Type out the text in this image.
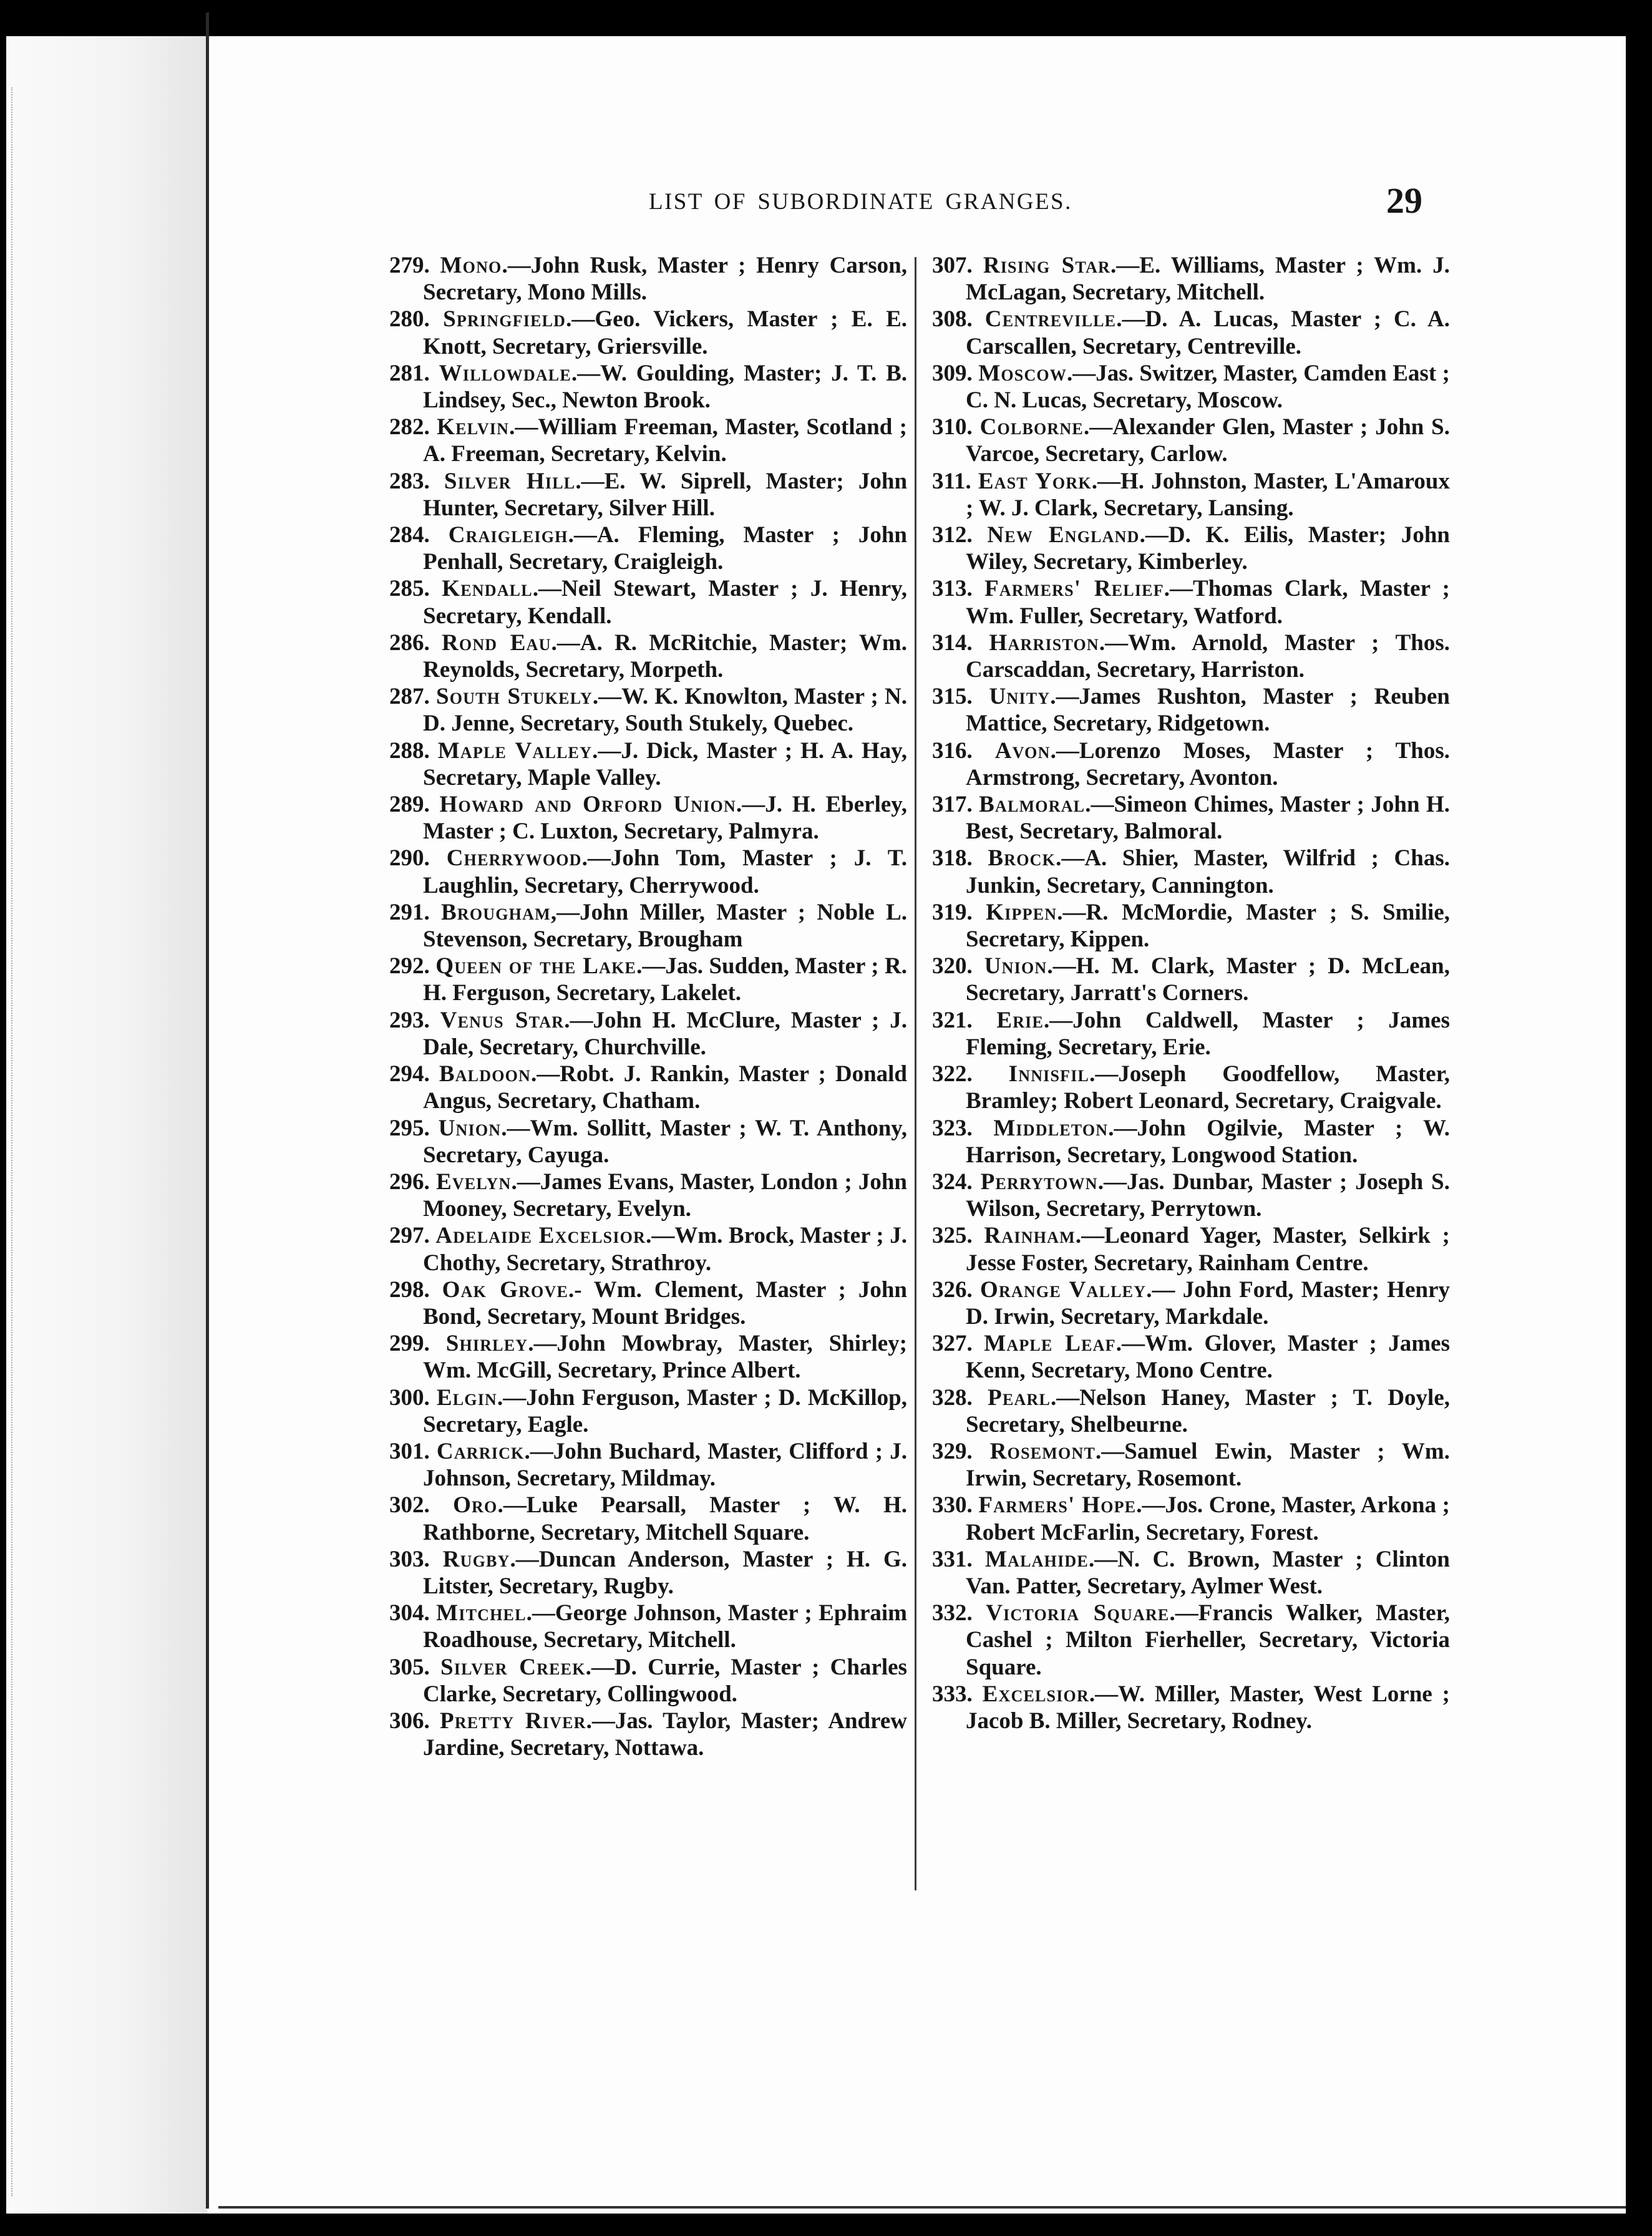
LIST OF SUBORDINATE GRANGES.	29

279. Mono.—John Rusk, Master ; Henry Carson, Secretary, Mono Mills.

280. Springfield.—Geo. Vickers, Master ; E. E. Knott, Secretary, Griersville.

281. Willowdale.—W. Goulding, Master; J. T. B. Lindsey, Sec., Newton Brook.

282. Kelvin.—William Freeman, Master, Scotland ; A. Freeman, Secretary, Kelvin.

283. Silver Hill.—E. W. Siprell, Master; John Hunter, Secretary, Silver Hill.

284. Craigleigh.—A. Fleming, Master ; John Penhall, Secretary, Craigleigh.

285. Kendall.—Neil Stewart, Master ; J. Henry, Secretary, Kendall.

286. Rond Eau.—A. R. McRitchie, Master; Wm. Reynolds, Secretary, Morpeth.

287. South Stukely.—W. K. Knowlton, Master ; N. D. Jenne, Secretary, South Stukely, Quebec.

288. Maple Valley.—J. Dick, Master ; H. A. Hay, Secretary, Maple Valley.

289. Howard and Orford Union.—J. H. Eberley, Master ; C. Luxton, Secretary, Palmyra.

290. Cherrywood.—John Tom, Master ; J. T. Laughlin, Secretary, Cherrywood.

291. Brougham,—John Miller, Master ; Noble L. Stevenson, Secretary, Brougham

292. Queen of the Lake.—Jas. Sudden, Master ; R. H. Ferguson, Secretary, Lakelet.

293. Venus Star.—John H. McClure, Master ; J. Dale, Secretary, Churchville.

294. Baldoon.—Robt. J. Rankin, Master ; Donald Angus, Secretary, Chatham.

295. Union.—Wm. Sollitt, Master ; W. T. Anthony, Secretary, Cayuga.

296. Evelyn.—James Evans, Master, London ; John Mooney, Secretary, Evelyn.

297. Adelaide Excelsior.—Wm. Brock, Master ; J. Chothy, Secretary, Strathroy.

298. Oak Grove.- Wm. Clement, Master ; John Bond, Secretary, Mount Bridges.

299. Shirley.—John Mowbray, Master, Shirley; Wm. McGill, Secretary, Prince Albert.

300. Elgin.—John Ferguson, Master ; D. McKillop, Secretary, Eagle.

301. Carrick.—John Buchard, Master, Clifford ; J. Johnson, Secretary, Mildmay.

302. Oro.—Luke Pearsall, Master ; W. H. Rathborne, Secretary, Mitchell Square.

303. Rugby.—Duncan Anderson, Master ; H. G. Litster, Secretary, Rugby.

304. Mitchel.—George Johnson, Master ; Ephraim Roadhouse, Secretary, Mitchell.

305. Silver Creek.—D. Currie, Master ; Charles Clarke, Secretary, Collingwood.

306. Pretty River.—Jas. Taylor, Master; Andrew Jardine, Secretary, Nottawa.

307. Rising Star.—E. Williams, Master ; Wm. J. McLagan, Secretary, Mitchell.

308. Centreville.—D. A. Lucas, Master ; C. A. Carscallen, Secretary, Centreville.

309. Moscow.—Jas. Switzer, Master, Camden East ; C. N. Lucas, Secretary, Moscow.

310. Colborne.—Alexander Glen, Master ; John S. Varcoe, Secretary, Carlow.

311. East York.—H. Johnston, Master, L'Amaroux ; W. J. Clark, Secretary, Lansing.

312. New England.—D. K. Eilis, Master; John Wiley, Secretary, Kimberley.

313. Farmers' Relief.—Thomas Clark, Master ; Wm. Fuller, Secretary, Watford.

314. Harriston.—Wm. Arnold, Master ; Thos. Carscaddan, Secretary, Harriston.

315. Unity.—James Rushton, Master ; Reuben Mattice, Secretary, Ridgetown.

316. Avon.—Lorenzo Moses, Master ; Thos. Armstrong, Secretary, Avonton.

317. Balmoral.—Simeon Chimes, Master ; John H. Best, Secretary, Balmoral.

318. Brock.—A. Shier, Master, Wilfrid ; Chas. Junkin, Secretary, Cannington.

319. Kippen.—R. McMordie, Master ; S. Smilie, Secretary, Kippen.

320. Union.—H. M. Clark, Master ; D. McLean, Secretary, Jarratt's Corners.

321. Erie.—John Caldwell, Master ; James Fleming, Secretary, Erie.

322. Innisfil.—Joseph Goodfellow, Master, Bramley; Robert Leonard, Secretary, Craigvale.

323. Middleton.—John Ogilvie, Master ; W. Harrison, Secretary, Longwood Station.

324. Perrytown.—Jas. Dunbar, Master ; Joseph S. Wilson, Secretary, Perrytown.

325. Rainham.—Leonard Yager, Master, Selkirk ; Jesse Foster, Secretary, Rainham Centre.

326. Orange Valley.— John Ford, Master; Henry D. Irwin, Secretary, Markdale.

327. Maple Leaf.—Wm. Glover, Master ; James Kenn, Secretary, Mono Centre.

328. Pearl.—Nelson Haney, Master ; T. Doyle, Secretary, Shelbeurne.

329. Rosemont.—Samuel Ewin, Master ; Wm. Irwin, Secretary, Rosemont.

330. Farmers' Hope.—Jos. Crone, Master, Arkona ; Robert McFarlin, Secretary, Forest.

331. Malahide.—N. C. Brown, Master ; Clinton Van. Patter, Secretary, Aylmer West.

332. Victoria Square.—Francis Walker, Master, Cashel ; Milton Fierheller, Secretary, Victoria Square.

333. Excelsior.—W. Miller, Master, West Lorne ; Jacob B. Miller, Secretary, Rodney.
